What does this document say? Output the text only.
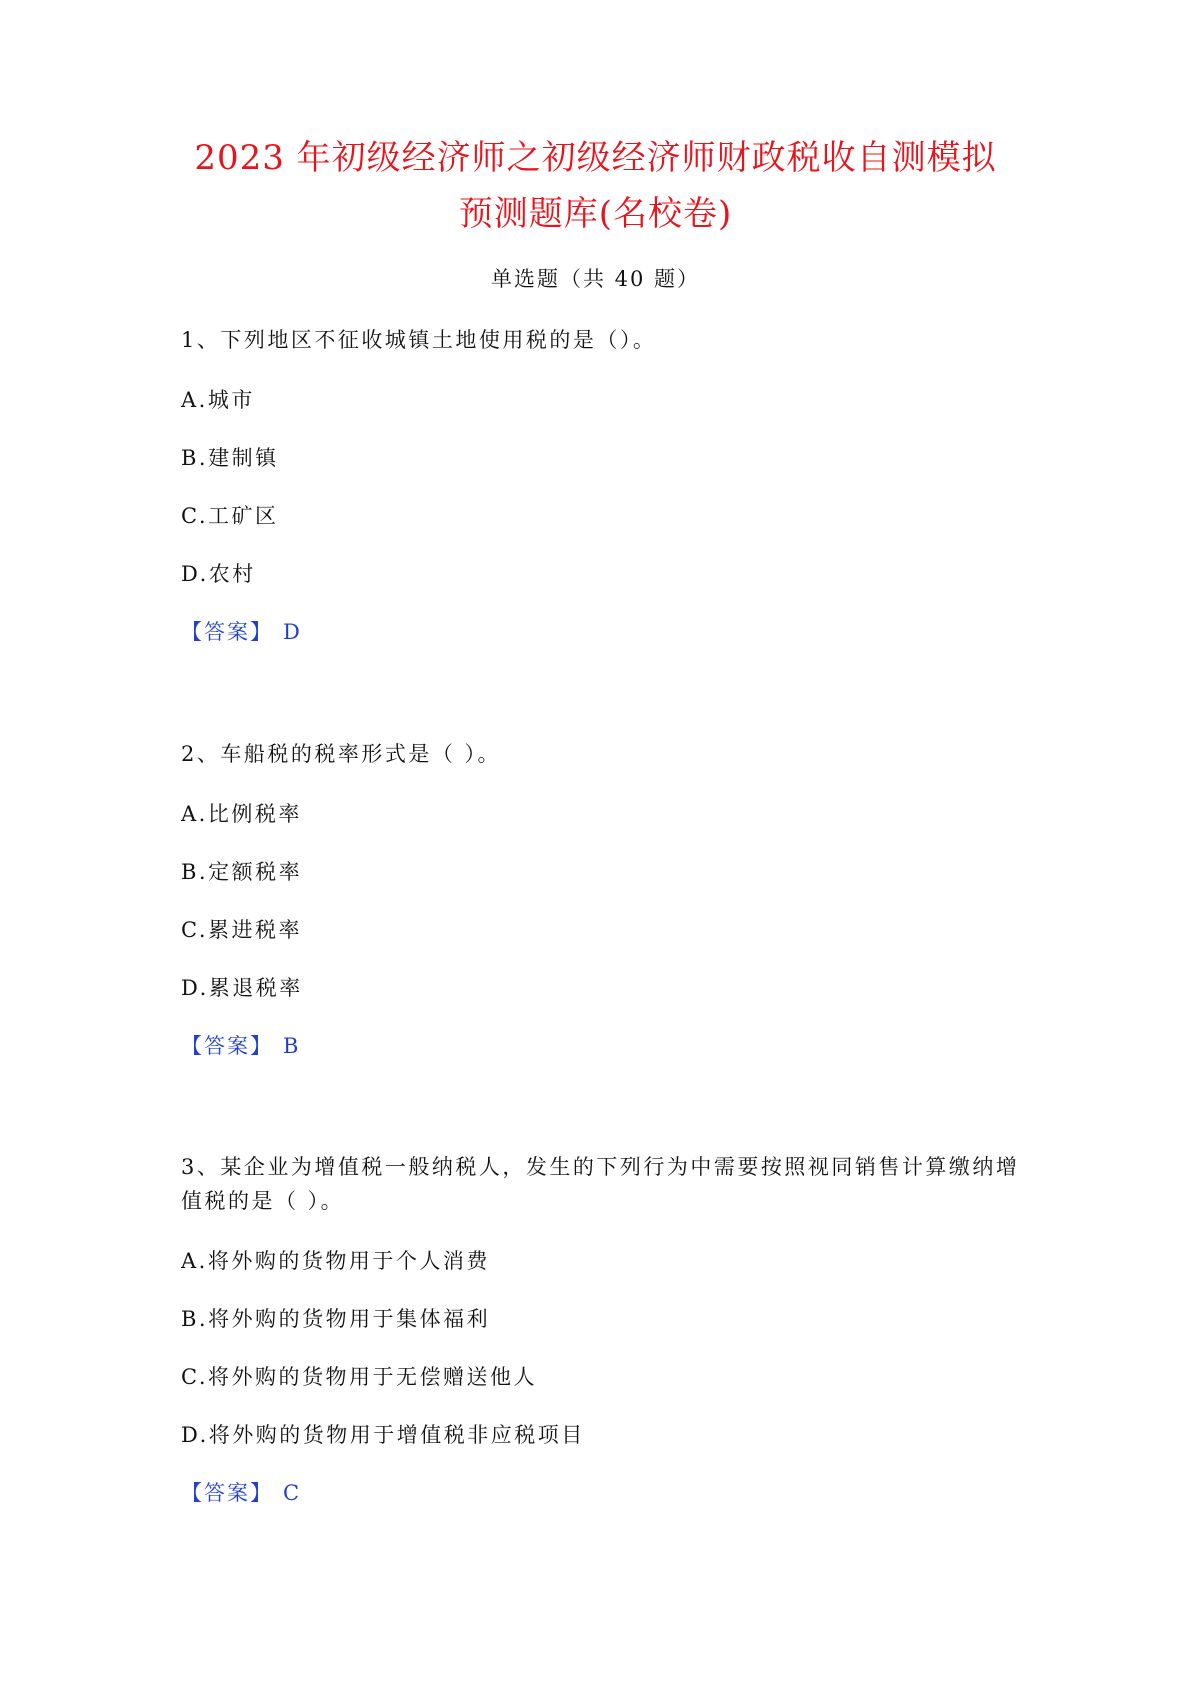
2023 年初级经济师之初级经济师财政税收自测模拟
预测题库(名校卷)
单选题（共 40 题）

1、下列地区不征收城镇土地使用税的是（）。

A.城市
B.建制镇
C.工矿区
D.农村
【答案】 D

2、车船税的税率形式是（ ）。

A.比例税率
B.定额税率
C.累进税率
D.累退税率
【答案】 B

3、某企业为增值税一般纳税人，发生的下列行为中需要按照视同销售计算缴纳增值税的是（ ）。

A.将外购的货物用于个人消费
B.将外购的货物用于集体福利
C.将外购的货物用于无偿赠送他人
D.将外购的货物用于增值税非应税项目
【答案】 C
